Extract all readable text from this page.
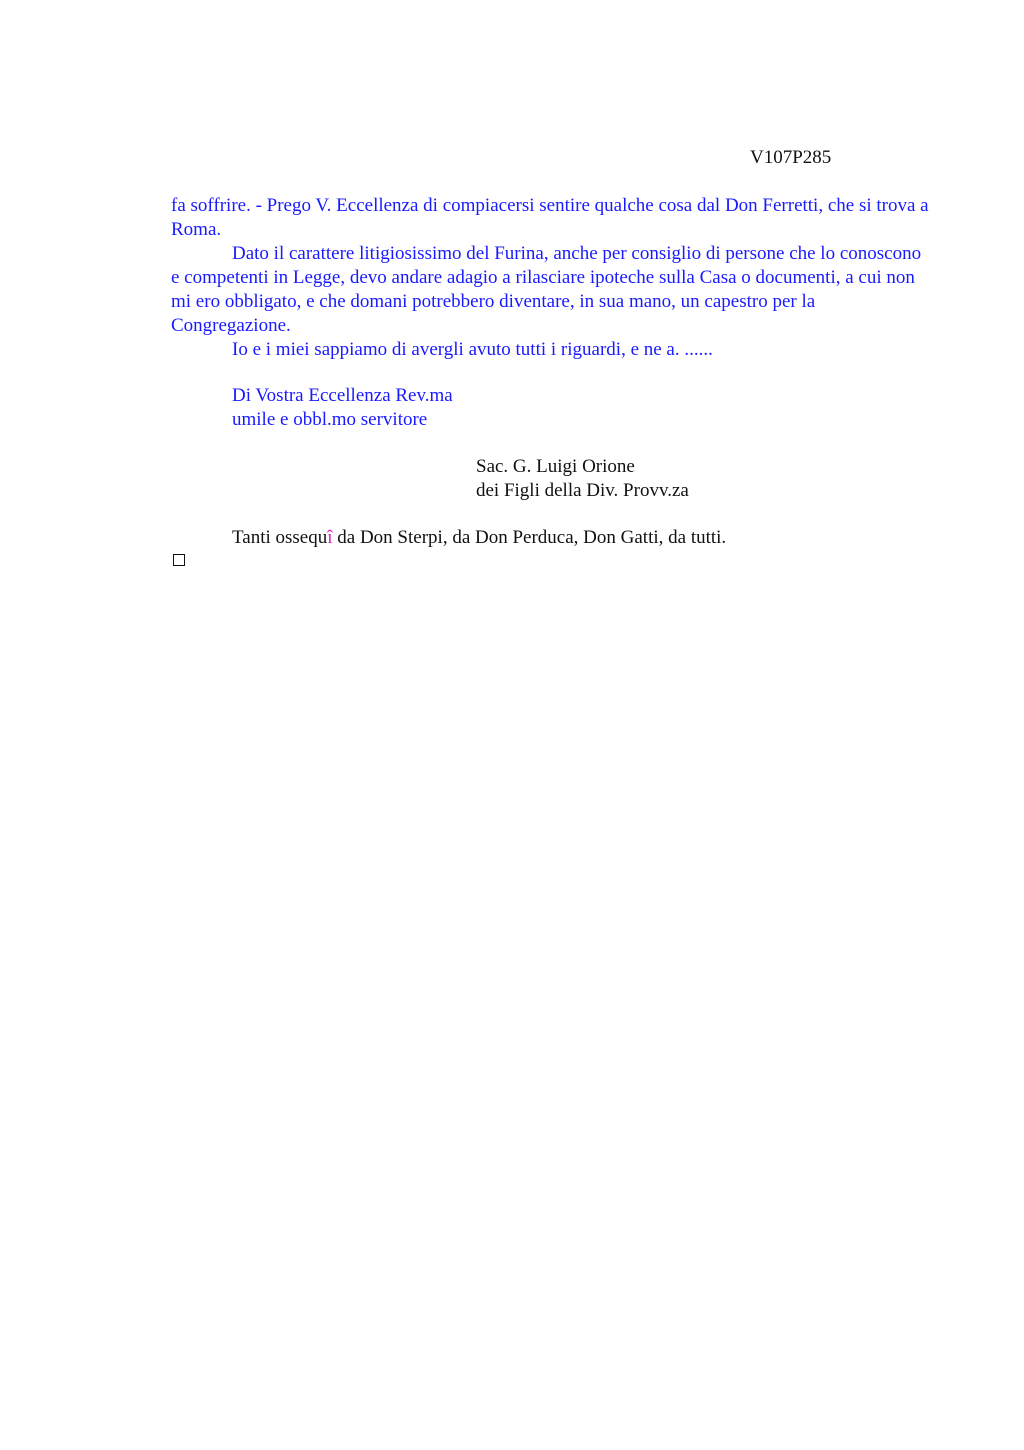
V107P285

fa soffrire. - Prego V. Eccellenza di compiacersi sentire qualche cosa dal Don Ferretti, che si trova a Roma.

Dato il carattere litigiosissimo del Furina, anche per consiglio di persone che lo conoscono e competenti in Legge, devo andare adagio a rilasciare ipoteche sulla Casa o documenti, a cui non mi ero obbligato, e che domani potrebbero diventare, in sua mano, un capestro per la Congregazione.

Io e i miei sappiamo di avergli avuto tutti i riguardi, e ne a. ......

Di Vostra Eccellenza Rev.ma
umile e obbl.mo servitore
Sac. G. Luigi Orione
dei Figli della Div. Provv.za
Tanti ossequî da Don Sterpi, da Don Perduca, Don Gatti, da tutti.
